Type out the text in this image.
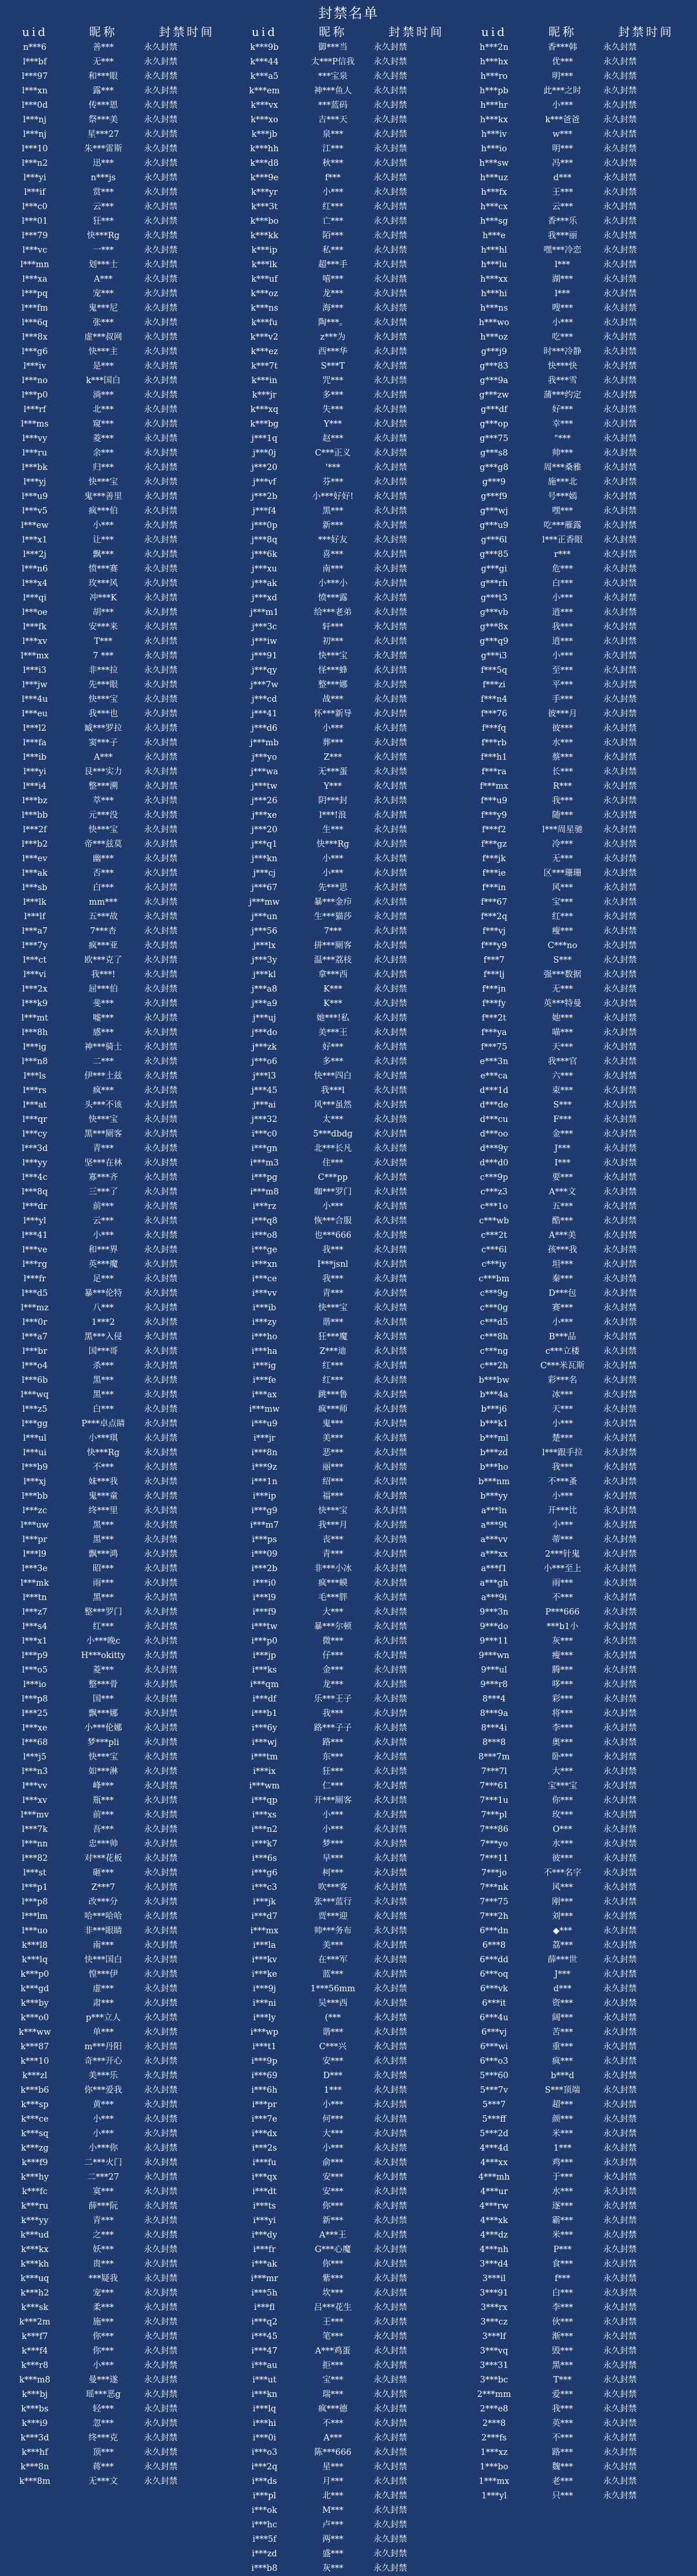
封禁名单
uid	昵称	封禁时间
n***6	善***	永久封禁
l***bf	无***	永久封禁
l***97	和***眼	永久封禁
l***xn	露***	永久封禁
l***0d	传***恩	永久封禁
l***nj	祭***美	永久封禁
l***nj	星***27	永久封禁
l***10	朱***雷斯	永久封禁
l***n2	迅***	永久封禁
l***yi	n***js	永久封禁
l***if	赏***	永久封禁
l***c0	云***	永久封禁
l***01	狂***	永久封禁
l***79	快***Rg	永久封禁
l***vc	一***	永久封禁
l***mn	划***士	永久封禁
l***xa	A***	永久封禁
l***pq	宠***	永久封禁
l***fm	鬼***尼	永久封禁
l***6q	张***	永久封禁
l***8x	虚***叔网	永久封禁
l***g6	快***主	永久封禁
l***iv	是***	永久封禁
l***no	k***国白	永久封禁
l***p0	淌***	永久封禁
l***rf	北***	永久封禁
l***ms	窥***	永久封禁
l***vy	菱***	永久封禁
l***ru	余***	永久封禁
l***bk	归***	永久封禁
l***yj	快***宝	永久封禁
l***u9	鬼***善里	永久封禁
l***v5	疯***伯	永久封禁
l***ew	小***	永久封禁
l***x1	让***	永久封禁
l***2j	飘***	永久封禁
l***n6	愤***赛	永久封禁
l***x4	玫***风	永久封禁
l***qi	冲***K	永久封禁
l***oe	胡***	永久封禁
l***fk	安***来	永久封禁
l***xv	T***	永久封禁
l***mx	7 ***	永久封禁
l***i3	非***拉	永久封禁
l***jw	先***眼	永久封禁
l***4u	快***宝	永久封禁
l***eu	我***也	永久封禁
l***l2	臧***罗拉	永久封禁
l***fa	窦***子	永久封禁
l***ib	A***	永久封禁
l***yi	艮***实力	永久封禁
l***i4	整***溯	永久封禁
l***bz	萃***	永久封禁
l***bb	元***没	永久封禁
l***2f	快***宝	永久封禁
l***b2	帝***兹莫	永久封禁
l***ev	幽***	永久封禁
l***ak	否***	永久封禁
l***sb	白***	永久封禁
l***lk	mm***	永久封禁
l***lf	五***故	永久封禁
l***a7	7***杏	永久封禁
l***7y	疯***亚	永久封禁
l***ct	欧***克了	永久封禁
l***vi	我***!	永久封禁
l***2x	屈***伯	永久封禁
l***k9	斐***	永久封禁
l***mt	嘘***	永久封禁
l***8h	感***	永久封禁
l***ig	神***骑士	永久封禁
l***n8	二***	永久封禁
l***ls	伊***土兹	永久封禁
l***rs	疯***	永久封禁
l***at	头***不该	永久封禁
l***qr	快***宝	永久封禁
l***cy	黑***厕客	永久封禁
l***3d	青***	永久封禁
l***yy	坚***在林	永久封禁
l***4c	寡***齐	永久封禁
l***8q	三***了	永久封禁
l***dr	前***	永久封禁
l***yl	云***	永久封禁
l***41	小***	永久封禁
l***ve	和***界	永久封禁
l***rg	英***魔	永久封禁
l***fr	足***	永久封禁
l***d5	暴***伦特	永久封禁
l***mz	八***	永久封禁
l***0r	1***2	永久封禁
l***a7	黑***入侵	永久封禁
l***br	国***哥	永久封禁
l***o4	杀***	永久封禁
l***6b	黑***	永久封禁
l***wq	黑***	永久封禁
l***z5	白***	永久封禁
l***gg	P***卓点睛	永久封禁
l***ul	小***琪	永久封禁
l***ui	快***Rg	永久封禁
l***b9	不***	永久封禁
l***xj	妹***我	永久封禁
l***bb	鬼***童	永久封禁
l***zc	终***里	永久封禁
l***uw	黑***	永久封禁
l***pr	黑***	永久封禁
l***l9	飘***鸿	永久封禁
l***3e	昭***	永久封禁
l***mk	雨***	永久封禁
l***tn	黑***	永久封禁
l***z7	整***罗门	永久封禁
l***s4	红***	永久封禁
l***x1	小***晚c	永久封禁
l***p9	H***okitty	永久封禁
l***o5	菱***	永久封禁
l***io	整***骨	永久封禁
l***p8	国***	永久封禁
l***25	飘***娜	永久封禁
l***xe	小***伦娜	永久封禁
l***68	梦***pli	永久封禁
l***j5	快***宝	永久封禁
l***n3	如***淋	永久封禁
l***vv	峰***	永久封禁
l***xv	瓶***	永久封禁
l***mv	前***	永久封禁
l***7k	吾***	永久封禁
l***nn	忠***帅	永久封禁
l***82	对***花板	永久封禁
l***st	砸***	永久封禁
l***p1	Z***7	永久封禁
l***p8	改***分	永久封禁
l***lm	哈***哈哈	永久封禁
l***uo	非***眼睛	永久封禁
k***l8	南***	永久封禁
k***lq	快***国白	永久封禁
k***p0	惶***伊	永久封禁
k***gd	虚***	永久封禁
k***by	肃***	永久封禁
k***o0	p***立人	永久封禁
k***ww	单***	永久封禁
k***87	m***丹阳	永久封禁
k***10	奇***开心	永久封禁
k***zl	美***乐	永久封禁
k***b6	你***爱我	永久封禁
k***sp	黄***	永久封禁
k***ce	小***	永久封禁
k***sq	小***	永久封禁
k***zg	小***你	永久封禁
k***f9	二***火门	永久封禁
k***hy	二***27	永久封禁
k***fc	寞***	永久封禁
k***ru	薛***阮	永久封禁
k***yy	青***	永久封禁
k***ud	之***	永久封禁
k***kx	妖***	永久封禁
k***kh	贵***	永久封禁
k***uq	***疑我	永久封禁
k***h2	宠***	永久封禁
k***sk	柔***	永久封禁
k***2m	施***	永久封禁
k***f7	你***	永久封禁
k***f4	你***	永久封禁
k***r8	小***	永久封禁
k***m8	曼***遂	永久封禁
k***bj	瑶***恶g	永久封禁
k***bs	轻***	永久封禁
k***i9	忽***	永久封禁
k***3d	终***克	永久封禁
k***hf	顶***	永久封禁
k***8n	蒋***	永久封禁
k***8m	无***文	永久封禁
uid	昵称	封禁时间
k***9b	御***当	永久封禁
k***44	太***P信我	永久封禁
k***a5	***宝泉	永久封禁
k***em	神***鱼人	永久封禁
k***vx	***蓝码	永久封禁
k***xo	吉***天	永久封禁
k***jb	泉***	永久封禁
k***hh	江***	永久封禁
k***d8	秋***	永久封禁
k***9e	f***	永久封禁
k***yr	小***	永久封禁
k***3t	红***	永久封禁
k***bo	亡***	永久封禁
k***kk	陌***	永久封禁
k***ip	私***	永久封禁
k***lk	超***手	永久封禁
k***uf	嘻***	永久封禁
k***oz	龙***	永久封禁
k***ns	海***	永久封禁
k***fu	陶***。	永久封禁
k***v2	z***为	永久封禁
k***ez	西***华	永久封禁
k***7t	S***T	永久封禁
k***in	咒***	永久封禁
k***jr	多***	永久封禁
k***xq	失***	永久封禁
k***bg	Y***	永久封禁
j***1q	赵***	永久封禁
j***0j	C***正义	永久封禁
j***20	'***	永久封禁
j***vf	芬***	永久封禁
j***2b	小***好好!	永久封禁
j***f4	黑***	永久封禁
j***0p	新***	永久封禁
j***8q	***好友	永久封禁
j***6k	喜***	永久封禁
j***xu	南***	永久封禁
j***ak	小***小	永久封禁
j***xd	愤***露	永久封禁
j***m1	给***老弟	永久封禁
j***3c	轩***	永久封禁
j***iw	初***	永久封禁
j***91	快***宝	永久封禁
j***qy	怪***蜂	永久封禁
j***7w	整***娜	永久封禁
j***cd	战***	永久封禁
j***41	怀***新导	永久封禁
j***d6	小***	永久封禁
j***mb	葬***	永久封禁
j***yo	Z***	永久封禁
j***wa	无***蛋	永久封禁
j***tw	Y***	永久封禁
j***26	阴***封	永久封禁
j***xe	l***!浪	永久封禁
j***20	生***	永久封禁
j***q1	快***Rg	永久封禁
j***kn	小***	永久封禁
j***cj	小***	永久封禁
j***67	先***思	永久封禁
j***mw	暴***金疖	永久封禁
j***un	生***猫莎	永久封禁
j***56	7***	永久封禁
j***lx	拼***厕客	永久封禁
j***3y	温***荔枝	永久封禁
j***kl	拿***西	永久封禁
j***a8	K***	永久封禁
j***a9	K***	永久封禁
j***uj	她***!私	永久封禁
j***do	美***王	永久封禁
j***zk	好***	永久封禁
j***o6	多***	永久封禁
j***l3	快***四白	永久封禁
j***45	我***l	永久封禁
j***ai	风***虽然	永久封禁
j***32	太***	永久封禁
i***c0	5***dbdg	永久封禁
i***gn	北***长凡	永久封禁
i***m3	住***	永久封禁
i***pg	C***pp	永久封禁
i***m8	咖***罗门	永久封禁
i***rz	小***	永久封禁
i***q8	恢***合服	永久封禁
i***o8	也***666	永久封禁
i***ge	我***	永久封禁
i***xn	I***jsnl	永久封禁
i***ce	我***	永久封禁
i***vv	青***	永久封禁
i***ib	快***宝	永久封禁
i***zy	谐***	永久封禁
i***ho	狂***魔	永久封禁
i***ha	Z***迪	永久封禁
i***ig	红***	永久封禁
i***fe	红***	永久封禁
i***ax	跳***鲁	永久封禁
i***mw	疯***师	永久封禁
i***u9	鬼***	永久封禁
i***jr	美***	永久封禁
i***8n	恶***	永久封禁
i***9z	丽***	永久封禁
i***1n	绍***	永久封禁
i***ip	福***	永久封禁
i***g9	快***宝	永久封禁
i***m7	我***月	永久封禁
i***ps	丧***	永久封禁
i***09	青***	永久封禁
i***2b	非***小冰	永久封禁
i***i0	疯***蟆	永久封禁
i***l9	毛***胖	永久封禁
i***f9	大***	永久封禁
i***tw	暴***尔顿	永久封禁
i***p0	微***	永久封禁
i***jp	仔***	永久封禁
i***ks	金***	永久封禁
i***qm	龙***	永久封禁
i***df	乐***王子	永久封禁
i***b1	我***	永久封禁
i***6y	路***子子	永久封禁
i***wj	路***	永久封禁
i***tm	东***	永久封禁
i***ix	狂***	永久封禁
i***wm	仁***	永久封禁
i***qp	开***厕客	永久封禁
i***xs	小***	永久封禁
i***n2	小***	永久封禁
i***k7	梦***	永久封禁
i***6s	早***	永久封禁
i***g6	柯***	永久封禁
i***c3	吹***客	永久封禁
i***jk	张***蓝行	永久封禁
i***d7	贾***迎	永久封禁
i***mx	帅***务布	永久封禁
i***la	美***	永久封禁
i***kv	在***军	永久封禁
i***ke	蓝***	永久封禁
i***9j	1***56mm	永久封禁
i***ni	吴***西	永久封禁
i***ly	(***	永久封禁
i***wp	谐***	永久封禁
i***t1	C***兴	永久封禁
i***9p	安***	永久封禁
i***69	D***	永久封禁
i***6h	1***	永久封禁
i***pr	小***	永久封禁
i***7e	何***	永久封禁
i***dx	大***	永久封禁
i***2s	小***	永久封禁
i***fu	俞***	永久封禁
i***qx	安***	永久封禁
i***dt	安***	永久封禁
i***ts	你***	永久封禁
i***yi	新***	永久封禁
i***dy	A***王	永久封禁
i***fr	G***心魔	永久封禁
i***ak	你***	永久封禁
i***mr	紫***	永久封禁
i***5h	坎***	永久封禁
i***fl	吕***花生	永久封禁
i***q2	王***	永久封禁
i***45	笔***	永久封禁
i***47	A***鸡蛋	永久封禁
i***au	拒***	永久封禁
i***ut	宝***	永久封禁
i***kn	瑞***	永久封禁
i***lq	疯***德	永久封禁
i***hi	不***	永久封禁
i***0i	A***	永久封禁
i***o3	陈***666	永久封禁
i***2q	星***	永久封禁
i***ds	月***	永久封禁
i***pl	北***	永久封禁
i***ok	M***	永久封禁
i***hc	卢***	永久封禁
i***5f	两***	永久封禁
i***zd	盛***	永久封禁
i***b8	灰***	永久封禁
uid	昵称	封禁时间
h***2n	香***韩	永久封禁
h***hx	优***	永久封禁
h***ro	明***	永久封禁
h***pb	此***之时	永久封禁
h***hr	小***	永久封禁
h***kx	k***爸爸	永久封禁
h***iv	w***	永久封禁
h***io	明***	永久封禁
h***sw	冯***	永久封禁
h***uz	d***	永久封禁
h***fx	王***	永久封禁
h***cx	云***	永久封禁
h***sg	香***乐	永久封禁
h***e	我***丽	永久封禁
h***hl	嘿***冷恋	永久封禁
h***lu	l***	永久封禁
h***xx	湖***	永久封禁
h***hi	l***	永久封禁
h***ns	嗖***	永久封禁
h***wo	小***	永久封禁
h***oz	吃***	永久封禁
g***j9	时***冷静	永久封禁
g***83	快***快	永久封禁
g***9a	我***雪	永久封禁
g***zw	蒲***约定	永久封禁
g***df	好***	永久封禁
g***op	幸***	永久封禁
g***75	"***	永久封禁
g***s8	帅***	永久封禁
g***g8	周***桑雅	永久封禁
g***9	施***北	永久封禁
g***f9	号***嫣	永久封禁
g***wj	嘿***	永久封禁
g***u9	吃***雁露	永久封禁
g***6l	l***正香眼	永久封禁
g***85	r***	永久封禁
g***gi	危***	永久封禁
g***rh	白***	永久封禁
g***t3	小***	永久封禁
g***vb	逍***	永久封禁
g***8x	我***	永久封禁
g***q9	逍***	永久封禁
g***i3	小***	永久封禁
f***5q	至***	永久封禁
f***zi	平***	永久封禁
f***n4	手***	永久封禁
f***76	彼***月	永久封禁
f***fq	彼***	永久封禁
f***rb	水***	永久封禁
f***h1	蔡***	永久封禁
f***ra	长***	永久封禁
f***mx	R***	永久封禁
f***u9	我***	永久封禁
f***y9	随***	永久封禁
f***f2	l***周星驰	永久封禁
f***gz	冷***	永久封禁
f***jk	无***	永久封禁
f***ie	区***珊珊	永久封禁
f***in	风***	永久封禁
f***67	宝***	永久封禁
f***2q	红***	永久封禁
f***vj	瘦***	永久封禁
f***y9	C***no	永久封禁
f***7	S***	永久封禁
f***lj	强***数据	永久封禁
f***jn	无***	永久封禁
f***fy	英***特曼	永久封禁
f***2t	她***	永久封禁
f***ya	喵***	永久封禁
f***75	天***	永久封禁
e***3n	我***官	永久封禁
e***ca	六***	永久封禁
d***1d	束***	永久封禁
d***de	S***	永久封禁
d***cu	F***	永久封禁
d***oo	金***	永久封禁
d***9y	J***	永久封禁
d***d0	I***	永久封禁
c***9p	要***	永久封禁
c***z3	A***文	永久封禁
c***1o	五***	永久封禁
c***wb	酷***	永久封禁
c***2t	A***美	永久封禁
c***6l	孩***我	永久封禁
c***iy	坦***	永久封禁
c***bm	秦***	永久封禁
c***9g	D***包	永久封禁
c***0g	赛***	永久封禁
c***d5	小***	永久封禁
c***8h	B***品	永久封禁
c***ng	c***立楼	永久封禁
c***2h	C***米瓦斯	永久封禁
b***bw	彩***名	永久封禁
b***4a	冰***	永久封禁
b***j6	天***	永久封禁
b***k1	小***	永久封禁
b***ml	楚***	永久封禁
b***zd	l***跟手拉	永久封禁
b***ho	我***	永久封禁
b***nm	不***蚤	永久封禁
b***yy	小***	永久封禁
a***ln	开***比	永久封禁
a***9t	小***	永久封禁
a***vv	蒂***	永久封禁
a***xx	2***针鬼	永久封禁
a***f1	小***至上	永久封禁
a***gh	雨***	永久封禁
a***9i	不***	永久封禁
9***3n	P***666	永久封禁
9***do	***b1小	永久封禁
9***11	灰***	永久封禁
9***wn	瘦***	永久封禁
9***ul	腾***	永久封禁
9***r8	哆***	永久封禁
8***4	彩***	永久封禁
8***9a	将***	永久封禁
8***4i	李***	永久封禁
8***8	奥***	永久封禁
8***7m	卧***	永久封禁
7***7l	大***	永久封禁
7***61	宝***宝	永久封禁
7***1u	你***	永久封禁
7***pl	玫***	永久封禁
7***86	O***	永久封禁
7***yo	水***	永久封禁
7***11	彼***	永久封禁
7***jo	不***名字	永久封禁
7***nk	风***	永久封禁
7***75	刚***	永久封禁
7***2h	刘***	永久封禁
6***dn	◆***	永久封禁
6***8	荔***	永久封禁
6***dd	薛***世	永久封禁
6***oq	J***	永久封禁
6***vk	d***	永久封禁
6***it	资***	永久封禁
6***4u	阔***	永久封禁
6***vj	苦***	永久封禁
6***wi	重***	永久封禁
6***o3	疯***	永久封禁
5***60	b***d	永久封禁
5***7v	S***顶端	永久封禁
5***7	超***	永久封禁
5***ff	颜***	永久封禁
5***2d	米***	永久封禁
4***4d	1***	永久封禁
4***xx	鸡***	永久封禁
4***mh	于***	永久封禁
4***ur	水***	永久封禁
4***rw	逐***	永久封禁
4***xk	霸***	永久封禁
4***dz	米***	永久封禁
4***nh	P***	永久封禁
3***d4	食***	永久封禁
3***il	f***	永久封禁
3***91	白***	永久封禁
3***rx	李***	永久封禁
3***cz	伙***	永久封禁
3***lf	渐***	永久封禁
3***vq	毁***	永久封禁
3***31	黑***	永久封禁
3***bc	T***	永久封禁
2***mm	爱***	永久封禁
2***e8	我***	永久封禁
2***8	英***	永久封禁
2***fs	不***	永久封禁
1***xz	路***	永久封禁
1***bo	魏***	永久封禁
1***mx	老***	永久封禁
1***yl	只***	永久封禁
